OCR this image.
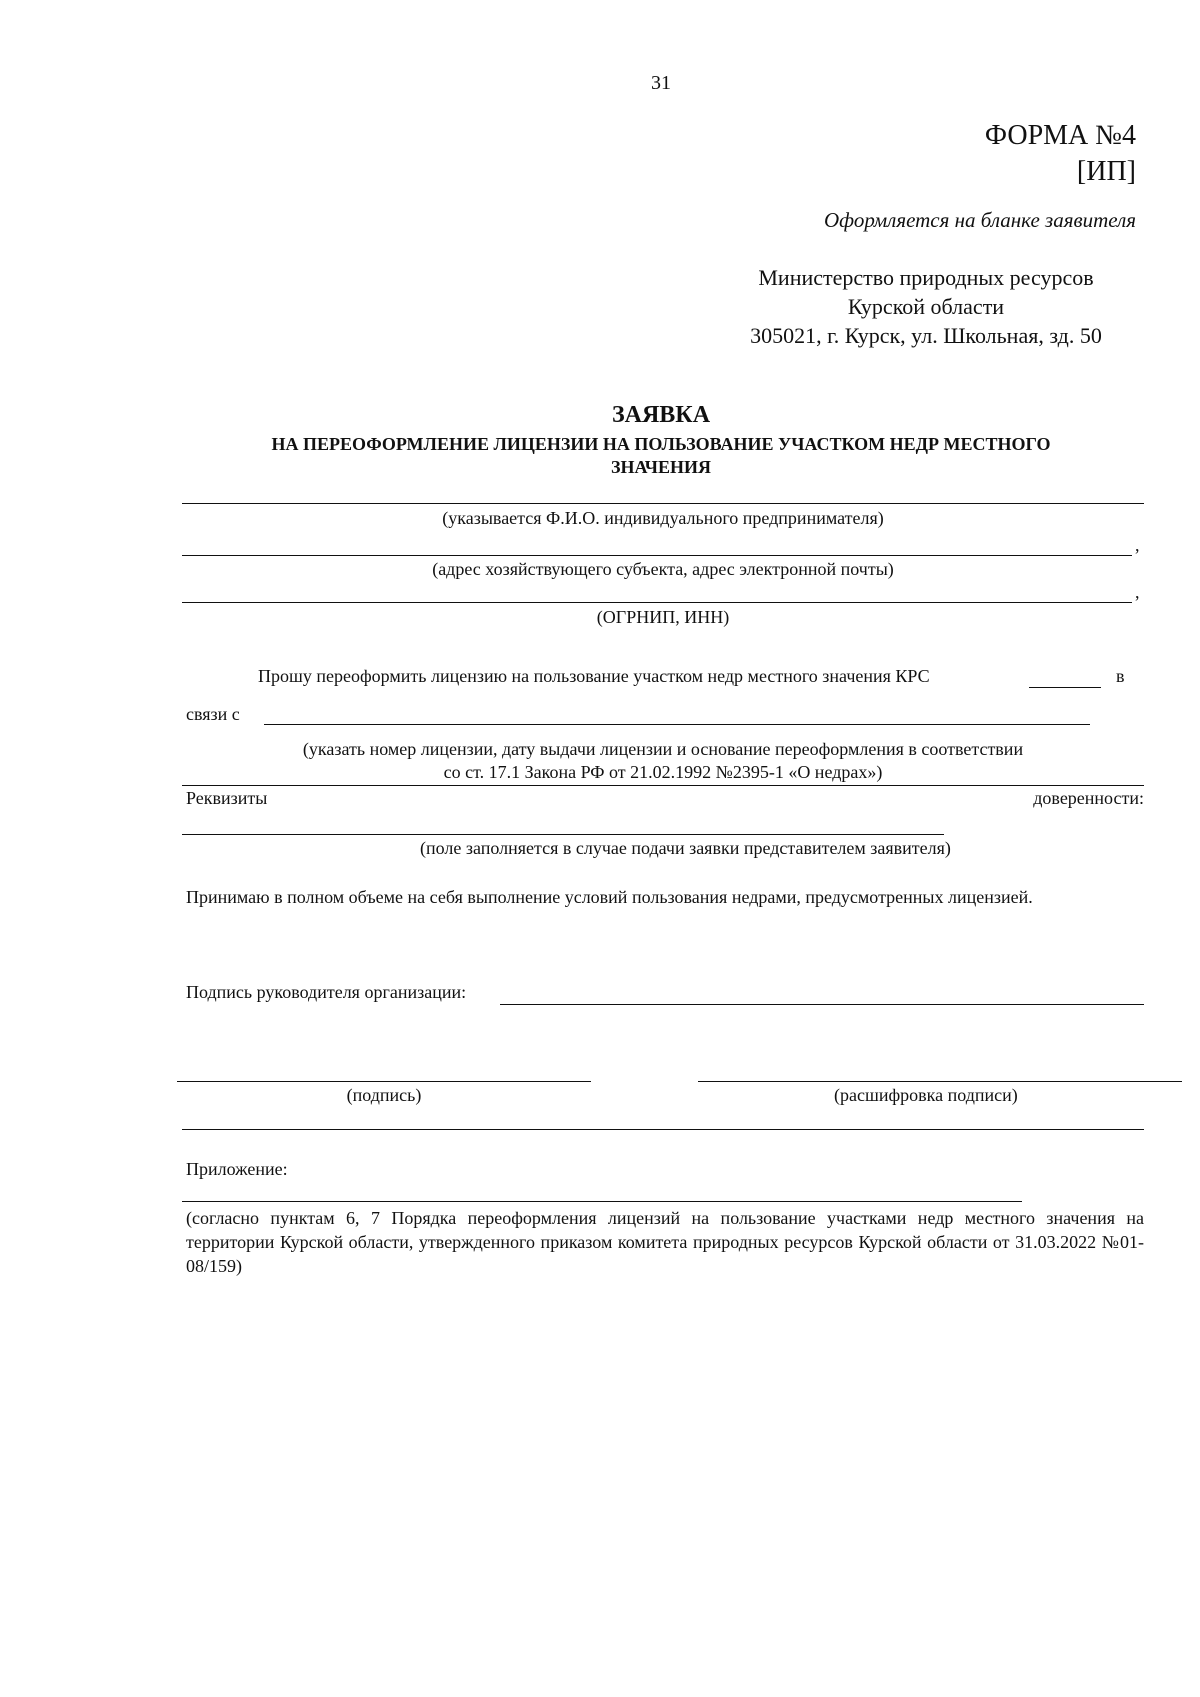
31
ФОРМА №4
[ИП]
Оформляется на бланке заявителя
Министерство природных ресурсов
Курской области
305021, г. Курск, ул. Школьная, зд. 50
ЗАЯВКА
НА ПЕРЕОФОРМЛЕНИЕ ЛИЦЕНЗИИ НА ПОЛЬЗОВАНИЕ УЧАСТКОМ НЕДР МЕСТНОГО
ЗНАЧЕНИЯ
(указывается Ф.И.О. индивидуального предпринимателя)
,
(адрес хозяйствующего субъекта, адрес электронной почты)
,
(ОГРНИП, ИНН)
Прошу переоформить лицензию на пользование участком недр местного значения КРС	в
связи с
(указать номер лицензии, дату выдачи лицензии и основание переоформления в соответствии
со ст. 17.1 Закона РФ от 21.02.1992 №2395-1 «О недрах»)
Реквизиты	доверенности:
(поле заполняется в случае подачи заявки представителем заявителя)
Принимаю в полном объеме на себя выполнение условий пользования недрами, предусмотренных лицензией.
Подпись руководителя организации:
(подпись)	(расшифровка подписи)
Приложение:
(согласно пунктам 6, 7 Порядка переоформления лицензий на пользование участками недр местного значения на территории Курской области, утвержденного приказом комитета природных ресурсов Курской области от 31.03.2022 №01-08/159)
